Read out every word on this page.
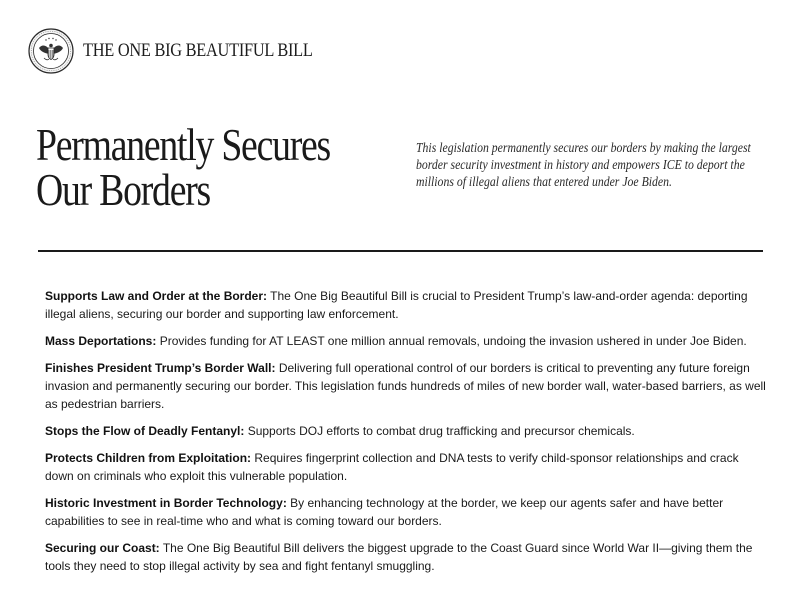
THE ONE BIG BEAUTIFUL BILL
Permanently Secures
Our Borders
This legislation permanently secures our borders by making the largest border security investment in history and empowers ICE to deport the millions of illegal aliens that entered under Joe Biden.
Supports Law and Order at the Border: The One Big Beautiful Bill is crucial to President Trump’s law-and-order agenda: deporting illegal aliens, securing our border and supporting law enforcement.
Mass Deportations: Provides funding for AT LEAST one million annual removals, undoing the invasion ushered in under Joe Biden.
Finishes President Trump’s Border Wall: Delivering full operational control of our borders is critical to preventing any future foreign invasion and permanently securing our border. This legislation funds hundreds of miles of new border wall, water-based barriers, as well as pedestrian barriers.
Stops the Flow of Deadly Fentanyl: Supports DOJ efforts to combat drug trafficking and precursor chemicals.
Protects Children from Exploitation: Requires fingerprint collection and DNA tests to verify child-sponsor relationships and crack down on criminals who exploit this vulnerable population.
Historic Investment in Border Technology: By enhancing technology at the border, we keep our agents safer and have better capabilities to see in real-time who and what is coming toward our borders.
Securing our Coast: The One Big Beautiful Bill delivers the biggest upgrade to the Coast Guard since World War II—giving them the tools they need to stop illegal activity by sea and fight fentanyl smuggling.
